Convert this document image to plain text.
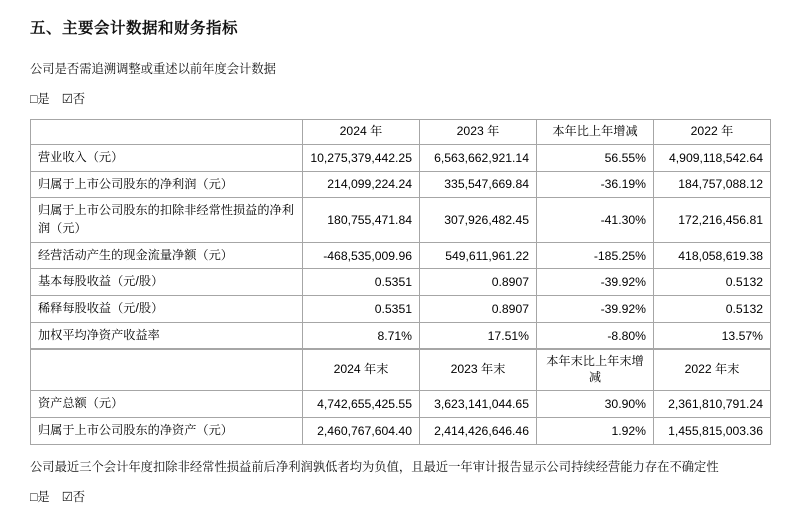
五、主要会计数据和财务指标

公司是否需追溯调整或重述以前年度会计数据

□是 ☑否
	2024 年	2023 年	本年比上年增减	2022 年
营业收入（元）	10,275,379,442.25	6,563,662,921.14	56.55%	4,909,118,542.64
归属于上市公司股东的净利润（元）	214,099,224.24	335,547,669.84	-36.19%	184,757,088.12
归属于上市公司股东的扣除非经常性损益的净利润（元）	180,755,471.84	307,926,482.45	-41.30%	172,216,456.81
经营活动产生的现金流量净额（元）	-468,535,009.96	549,611,961.22	-185.25%	418,058,619.38
基本每股收益（元/股）	0.5351	0.8907	-39.92%	0.5132
稀释每股收益（元/股）	0.5351	0.8907	-39.92%	0.5132
加权平均净资产收益率	8.71%	17.51%	-8.80%	13.57%
	2024 年末	2023 年末	本年末比上年末增减	2022 年末
资产总额（元）	4,742,655,425.55	3,623,141,044.65	30.90%	2,361,810,791.24
归属于上市公司股东的净资产（元）	2,460,767,604.40	2,414,426,646.46	1.92%	1,455,815,003.36

公司最近三个会计年度扣除非经常性损益前后净利润孰低者均为负值，且最近一年审计报告显示公司持续经营能力存在不确定性

□是 ☑否
